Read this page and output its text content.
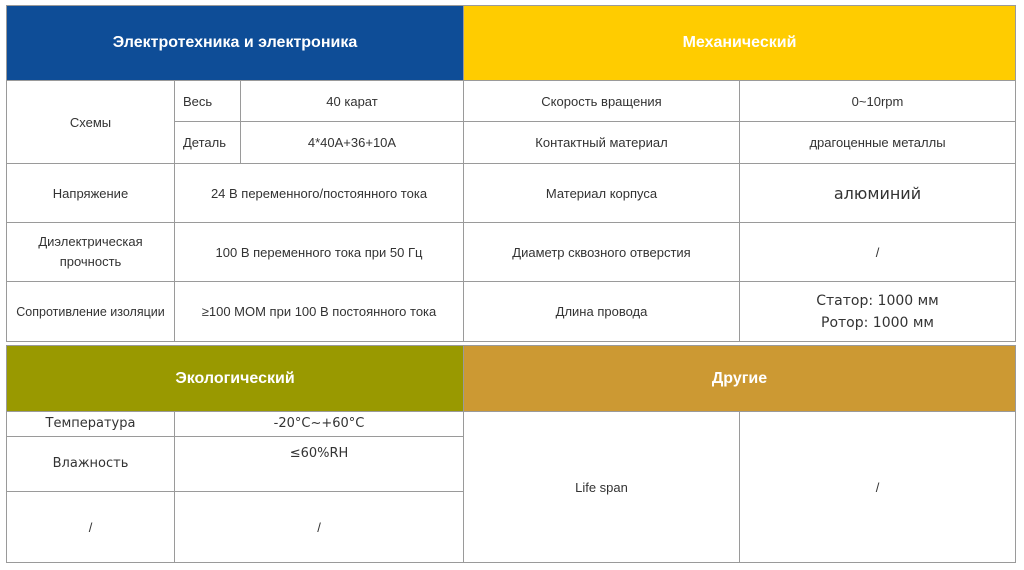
Электротехника и электроника			Механический	
Схемы	Весь	40 карат	Скорость вращения	0~10rpm
	Деталь	4*40A+36+10A	Контактный материал	драгоценные металлы
Напряжение	24 В переменного/постоянного тока		Материал корпуса	алюминий
Диэлектрическая прочность	100 В переменного тока при 50 Гц		Диаметр сквозного отверстия	/
Сопротивление изоляции	≥100 МОМ при 100 В постоянного тока		Длина провода	Статор: 1000 мм
Ротор: 1000 мм
Экологический		Другие	
Температура	-20°C~+60°C	Life span	/
Влажность	≤60%RH		
/	/		
